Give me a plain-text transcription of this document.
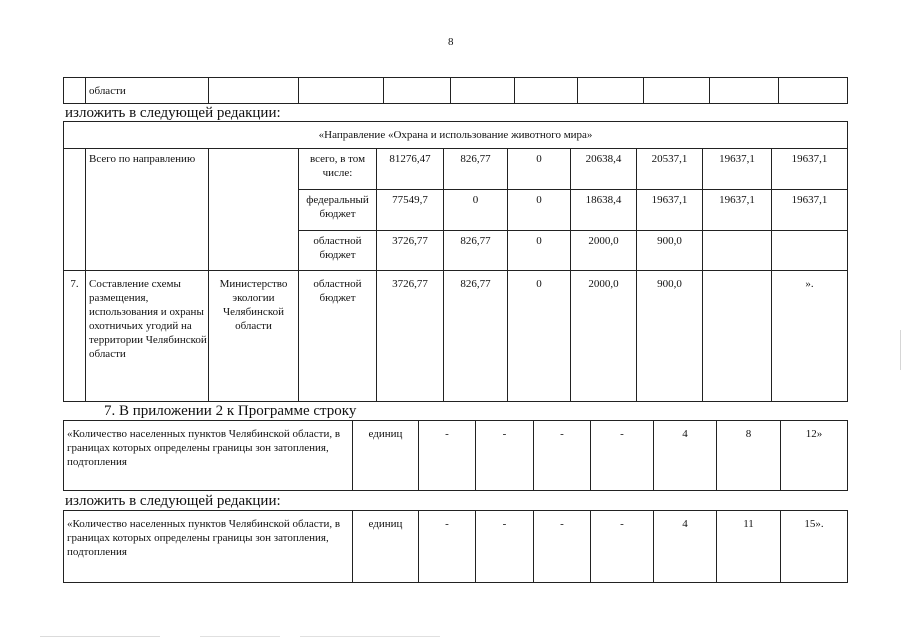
8
	области									
изложить в следующей редакции:
«Направление «Охрана и использование животного мира»										
	Всего по направлению		всего, в том числе:	81276,47	826,77	0	20638,4	20537,1	19637,1	19637,1
			федеральный бюджет	77549,7	0	0	18638,4	19637,1	19637,1	19637,1
			областной бюджет	3726,77	826,77	0	2000,0	900,0		
7.	Составление схемы размещения, использования и охраны охотничьих угодий на территории Челябинской области	Министерство экологии Челябинской области	областной бюджет	3726,77	826,77	0	2000,0	900,0		».
7. В приложении 2 к Программе строку
«Количество населенных пунктов Челябинской области, в границах которых определены границы зон затопления, подтопления	единиц	-	-	-	-	4	8	12»
изложить в следующей редакции:
«Количество населенных пунктов Челябинской области, в границах которых определены границы зон затопления, подтопления	единиц	-	-	-	-	4	11	15».
